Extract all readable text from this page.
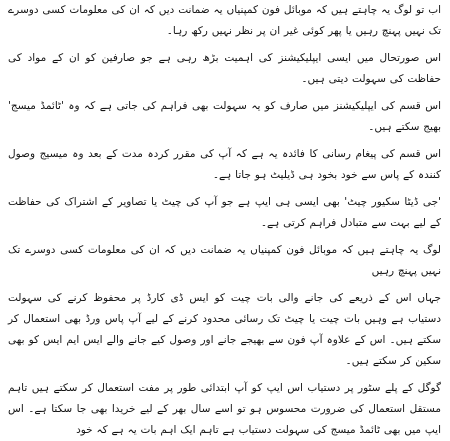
اب تو لوگ یہ چاہتے ہیں کہ موبائل فون کمپنیاں یہ ضمانت دیں کہ ان کی معلومات کسی دوسرے تک نہیں پہنچ رہیں یا پھر کوئی غیر ان پر نظر نہیں رکھ رہا۔

اس صورتحال میں ایسی ایپلیکیشنز کی اہمیت بڑھ رہی ہے جو صارفین کو ان کے مواد کی حفاظت کی سہولت دیتی ہیں۔

اس قسم کی ایپلیکیشنز میں صارف کو یہ سہولت بھی فراہم کی جاتی ہے کہ وہ 'ٹائمڈ میسج' بھیج سکتے ہیں۔

اس قسم کی پیغام رسانی کا فائدہ یہ ہے کہ آپ کی مقرر کردہ مدت کے بعد وہ میسیج وصول کنندہ کے پاس سے خود بخود ہی ڈیلیٹ ہو جاتا ہے۔

'جی ڈیٹا سکیور چیٹ' بھی ایسی ہی ایپ ہے جو آپ کی چیٹ یا تصاویر کے اشتراک کی حفاظت کے لیے بہت سے متبادل فراہم کرتی ہے۔

لوگ یہ چاہتے ہیں کہ موبائل فون کمپنیاں یہ ضمانت دیں کہ ان کی معلومات کسی دوسرے تک نہیں پہنچ رہیں

جہاں اس کے ذریعے کی جانے والی بات چیت کو ایس ڈی کارڈ پر محفوظ کرنے کی سہولت دستیاب ہے وہیں بات چیت یا چیٹ تک رسائی محدود کرنے کے لیے آپ پاس ورڈ بھی استعمال کر سکتے ہیں۔ اس کے علاوہ آپ فون سے بھیجے جانے اور وصول کیے جانے والے ایس ایم ایس کو بھی سکین کر سکتے ہیں۔

گوگل کے پلے سٹور پر دستیاب اس ایپ کو آپ ابتدائی طور پر مفت استعمال کر سکتے ہیں تاہم مستقل استعمال کی ضرورت محسوس ہو تو اسے سال بھر کے لیے خریدا بھی جا سکتا ہے۔ اس ایپ میں بھی ٹائمڈ میسج کی سہولت دستیاب ہے تاہم ایک اہم بات یہ ہے کہ خود
